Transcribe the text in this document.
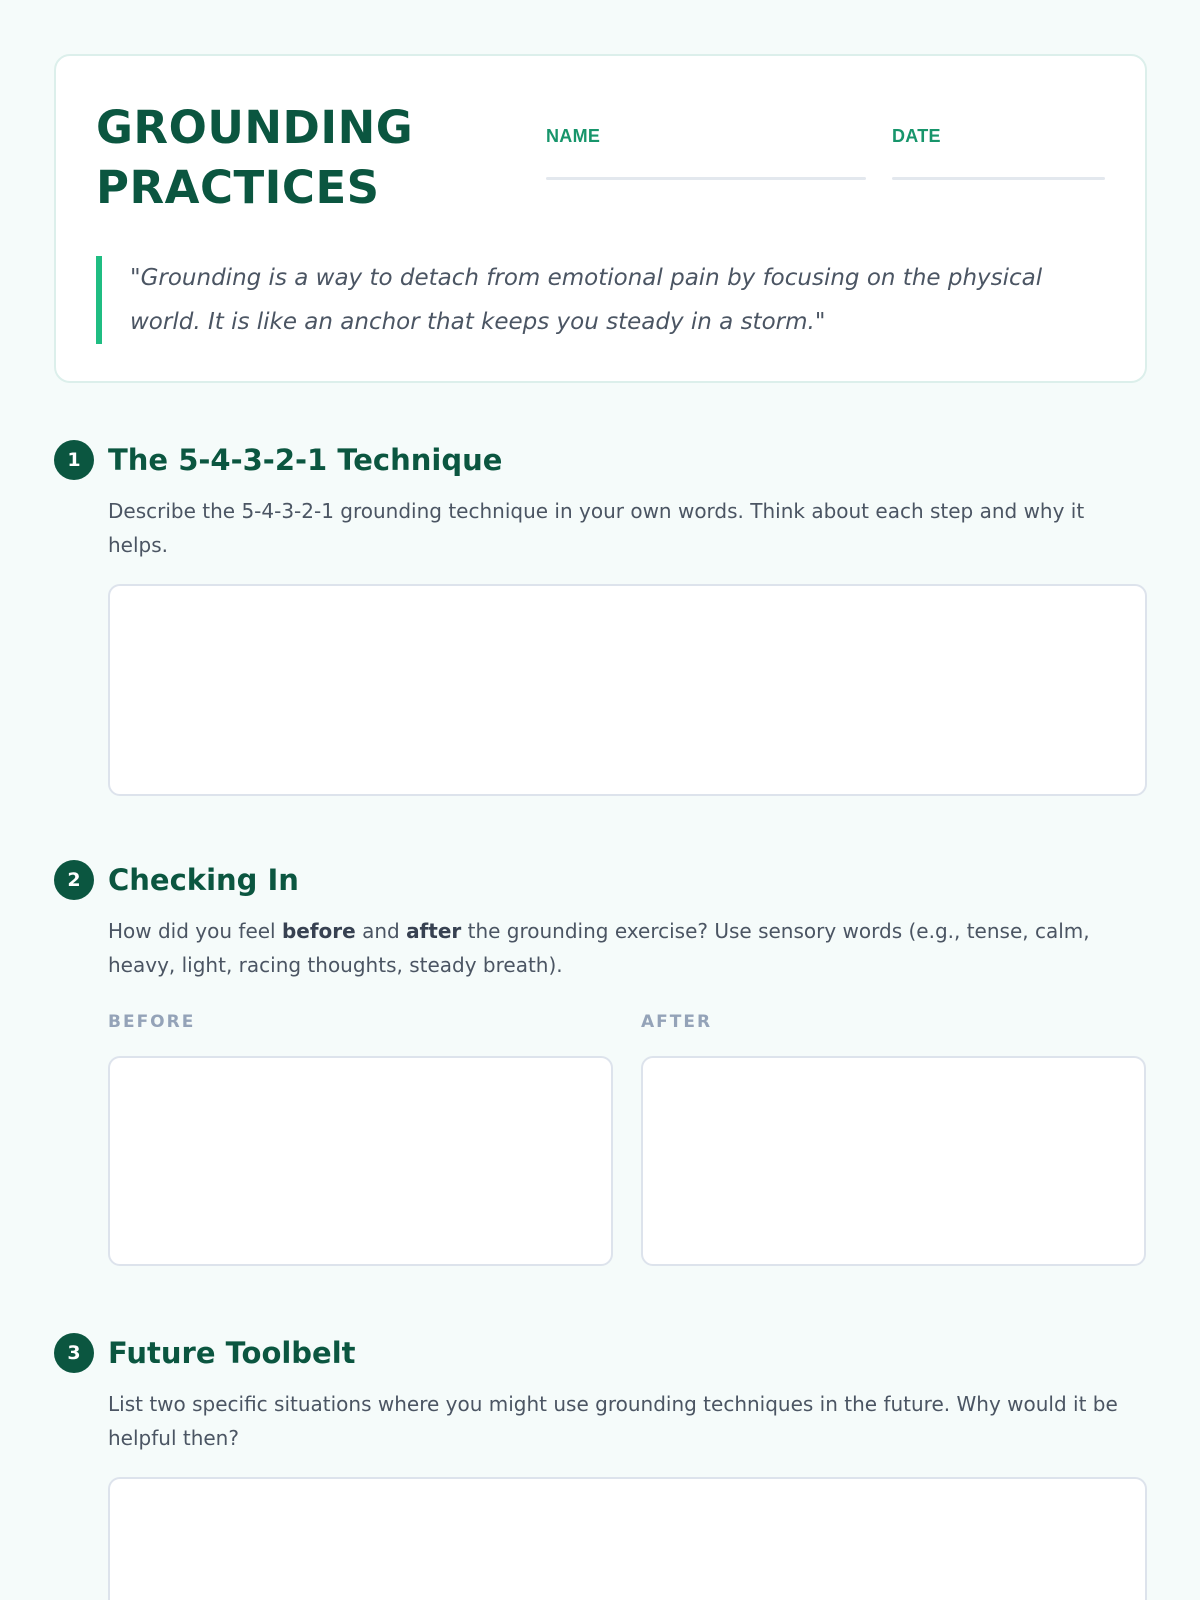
GROUNDING PRACTICES
NAME	DATE
"Grounding is a way to detach from emotional pain by focusing on the physical world. It is like an anchor that keeps you steady in a storm."
1 The 5-4-3-2-1 Technique

Describe the 5-4-3-2-1 grounding technique in your own words. Think about each step and why it helps.

2 Checking In

How did you feel before and after the grounding exercise? Use sensory words (e.g., tense, calm, heavy, light, racing thoughts, steady breath).

BEFORE	AFTER
3 Future Toolbelt

List two specific situations where you might use grounding techniques in the future. Why would it be helpful then?
